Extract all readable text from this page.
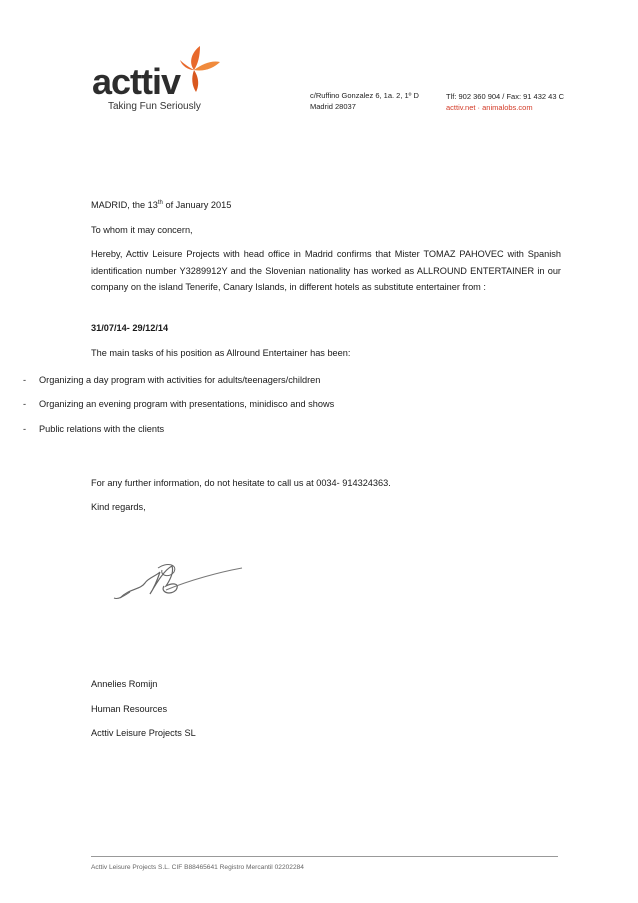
acttiv
Taking Fun Seriously
c/Ruffino Gonzalez 6, 1a. 2, 1º D
Madrid 28037
Tlf: 902 360 904 / Fax: 91 432 43 C
acttiv.net · animalobs.com
MADRID, the 13th of January 2015
To whom it may concern,
Hereby, Acttiv Leisure Projects with head office in Madrid confirms that Mister TOMAZ PAHOVEC with Spanish identification number Y3289912Y and the Slovenian nationality has worked as ALLROUND ENTERTAINER in our company on the island Tenerife, Canary Islands, in different hotels as substitute entertainer from :
31/07/14- 29/12/14
The main tasks of his position as Allround Entertainer has been:
- Organizing a day program with activities for adults/teenagers/children
- Organizing an evening program with presentations, minidisco and shows
- Public relations with the clients
For any further information, do not hesitate to call us at 0034- 914324363.
Kind regards,
Annelies Romijn
Human Resources
Acttiv Leisure Projects SL
Acttiv Leisure Projects S.L. CIF B88465641 Registro Mercantil 02202284
